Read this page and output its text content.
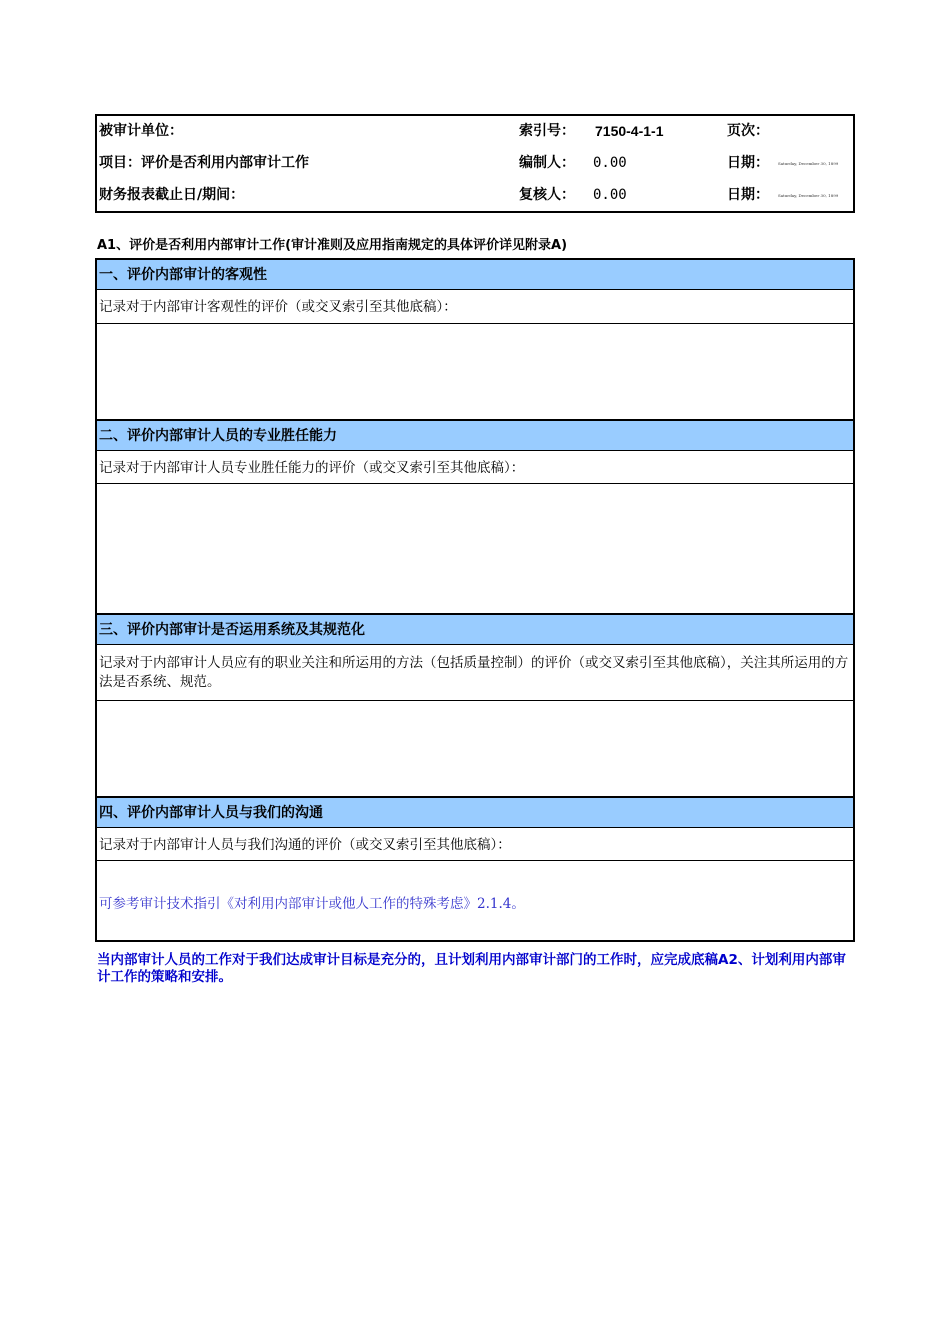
被审计单位：	索引号： 7150-4-1-1	页次：
项目：评价是否利用内部审计工作	编制人： 0.00	日期： Saturday, December 30, 1899
财务报表截止日/期间：	复核人： 0.00	日期： Saturday, December 30, 1899
A1、评价是否利用内部审计工作(审计准则及应用指南规定的具体评价详见附录A)
一、评价内部审计的客观性
记录对于内部审计客观性的评价（或交叉索引至其他底稿）：
二、评价内部审计人员的专业胜任能力
记录对于内部审计人员专业胜任能力的评价（或交叉索引至其他底稿）：
三、评价内部审计是否运用系统及其规范化
记录对于内部审计人员应有的职业关注和所运用的方法（包括质量控制）的评价（或交叉索引至其他底稿），关注其所运用的方法是否系统、规范。
四、评价内部审计人员与我们的沟通
记录对于内部审计人员与我们沟通的评价（或交叉索引至其他底稿）：
可参考审计技术指引《对利用内部审计或他人工作的特殊考虑》2.1.4。
当内部审计人员的工作对于我们达成审计目标是充分的，且计划利用内部审计部门的工作时，应完成底稿A2、计划利用内部审计工作的策略和安排。
